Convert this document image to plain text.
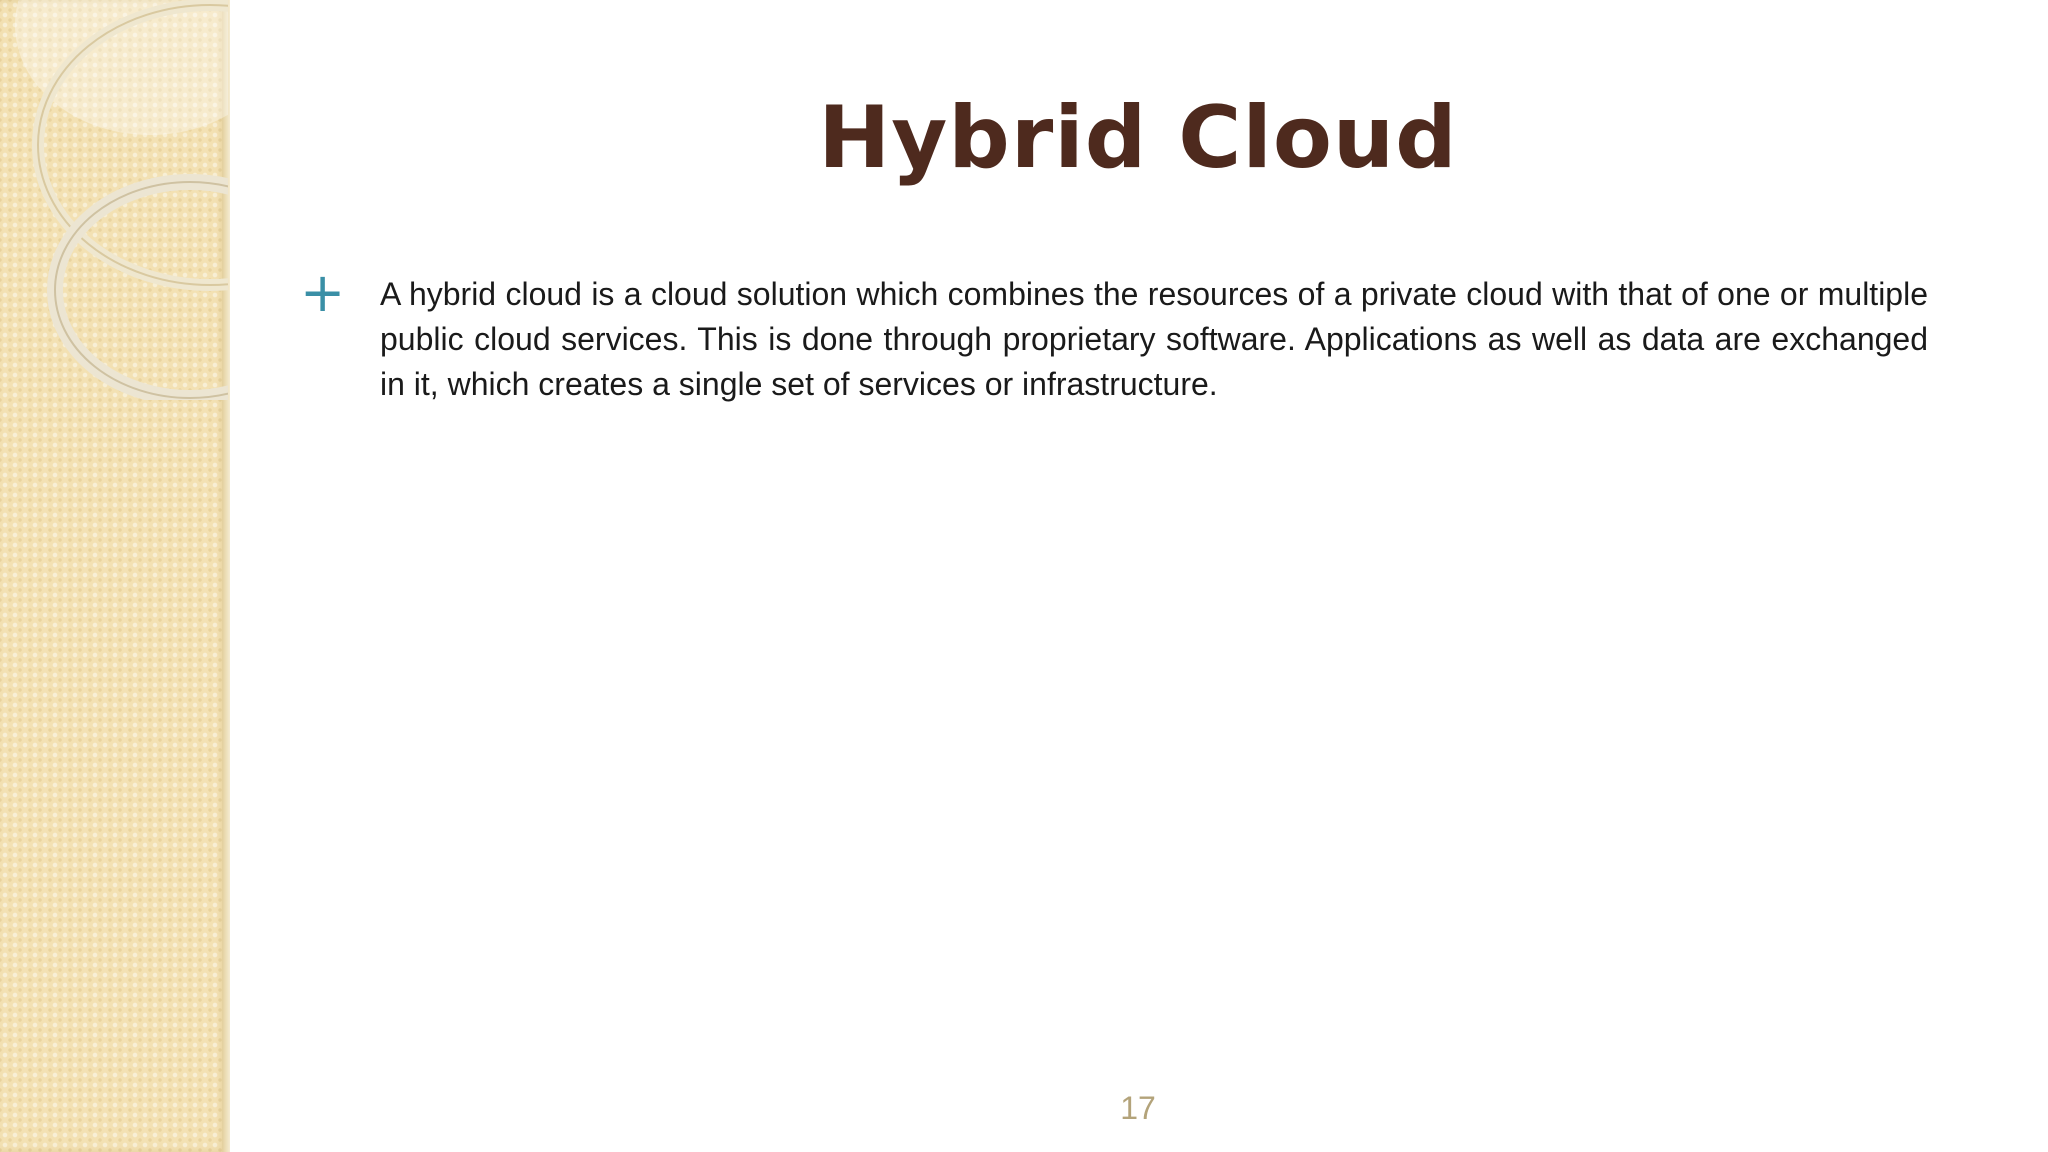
Hybrid Cloud
+ A hybrid cloud is a cloud solution which combines the resources of a private cloud with that of one or multiple public cloud services. This is done through proprietary software. Applications as well as data are exchanged in it, which creates a single set of services or infrastructure.
17
